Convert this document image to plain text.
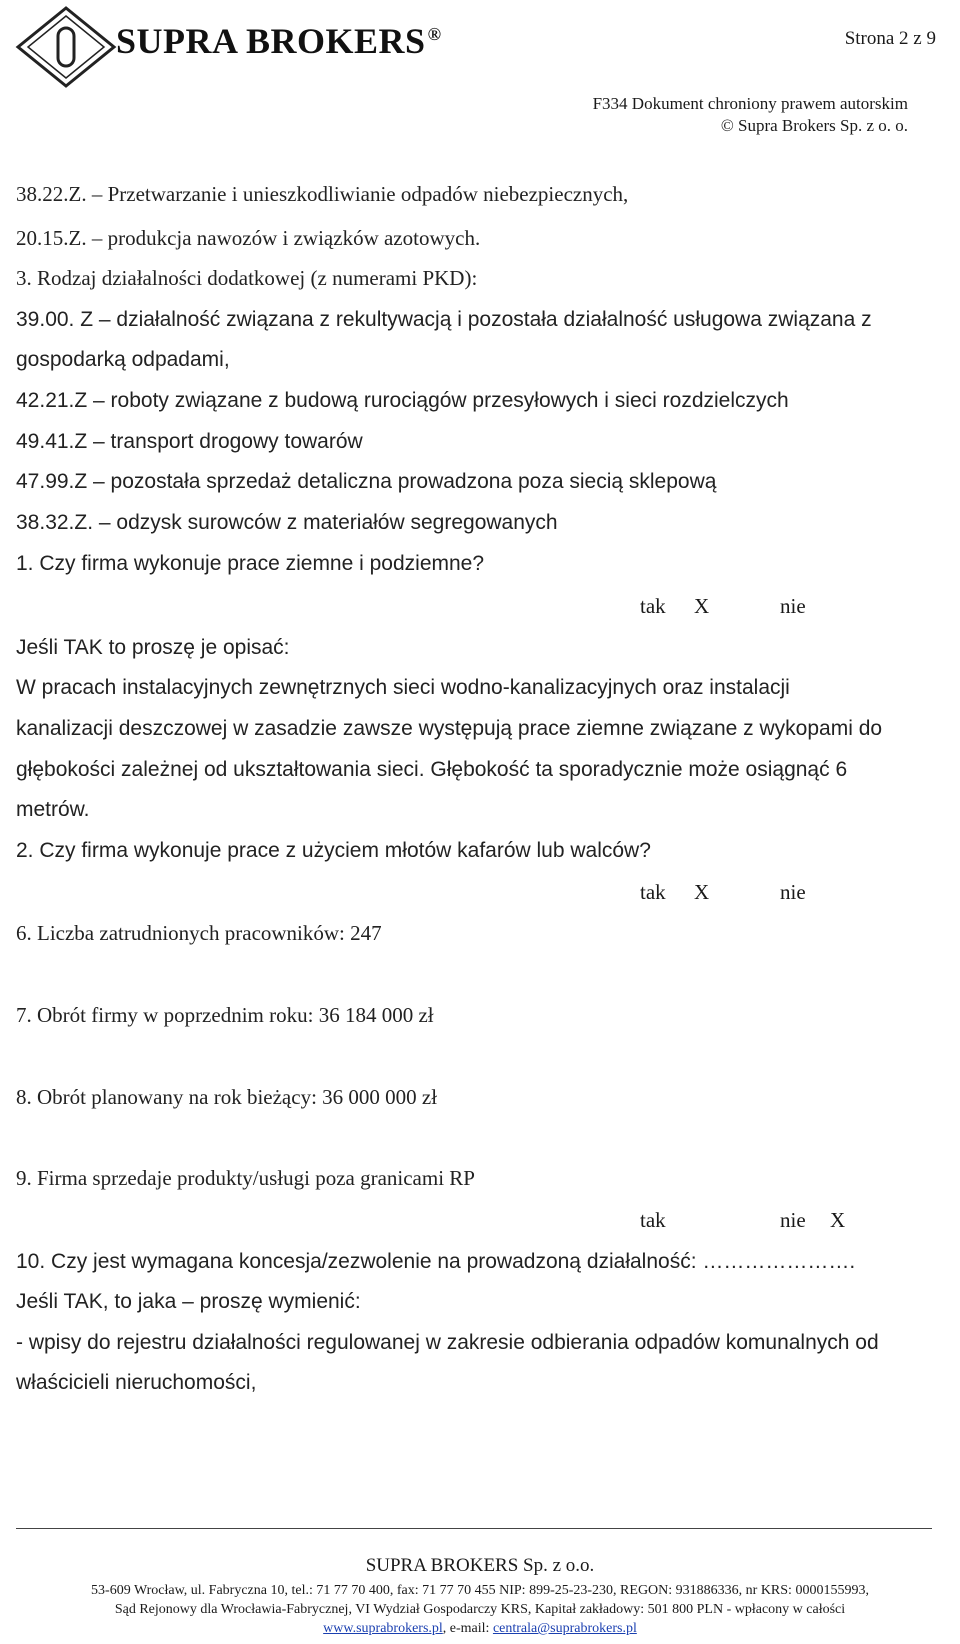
SUPRA BROKERS ®	Strona 2 z 9
F334 Dokument chroniony prawem autorskim
© Supra Brokers Sp. z o. o.
38.22.Z. – Przetwarzanie i unieszkodliwianie odpadów niebezpiecznych,
20.15.Z. – produkcja nawozów i związków azotowych.
3. Rodzaj działalności dodatkowej (z numerami PKD):
39.00. Z – działalność związana z rekultywacją i pozostała działalność usługowa związana z
gospodarką odpadami,
42.21.Z – roboty związane z budową rurociągów przesyłowych i sieci rozdzielczych
49.41.Z – transport drogowy towarów
47.99.Z – pozostała sprzedaż detaliczna prowadzona poza siecią sklepową
38.32.Z. – odzysk surowców z materiałów segregowanych
1. Czy firma wykonuje prace ziemne i podziemne?
tak X	nie
Jeśli TAK to proszę je opisać:
W pracach instalacyjnych zewnętrznych sieci wodno-kanalizacyjnych oraz instalacji
kanalizacji deszczowej w zasadzie zawsze występują prace ziemne związane z wykopami do
głębokości zależnej od ukształtowania sieci. Głębokość ta sporadycznie może osiągnąć 6
metrów.
2. Czy firma wykonuje prace z użyciem młotów kafarów lub walców?
tak X	nie
6. Liczba zatrudnionych pracowników: 247
7. Obrót firmy w poprzednim roku: 36 184 000 zł
8. Obrót planowany na rok bieżący: 36 000 000 zł
9. Firma sprzedaje produkty/usługi poza granicami RP
tak	nie X
10. Czy jest wymagana koncesja/zezwolenie na prowadzoną działalność: ………………….
Jeśli TAK, to jaka – proszę wymienić:
- wpisy do rejestru działalności regulowanej w zakresie odbierania odpadów komunalnych od
właścicieli nieruchomości,
SUPRA BROKERS Sp. z o.o.
53-609 Wrocław, ul. Fabryczna 10, tel.: 71 77 70 400, fax: 71 77 70 455 NIP: 899-25-23-230, REGON: 931886336, nr KRS: 0000155993,
Sąd Rejonowy dla Wrocławia-Fabrycznej, VI Wydział Gospodarczy KRS, Kapitał zakładowy: 501 800 PLN - wpłacony w całości
www.suprabrokers.pl, e-mail: centrala@suprabrokers.pl
